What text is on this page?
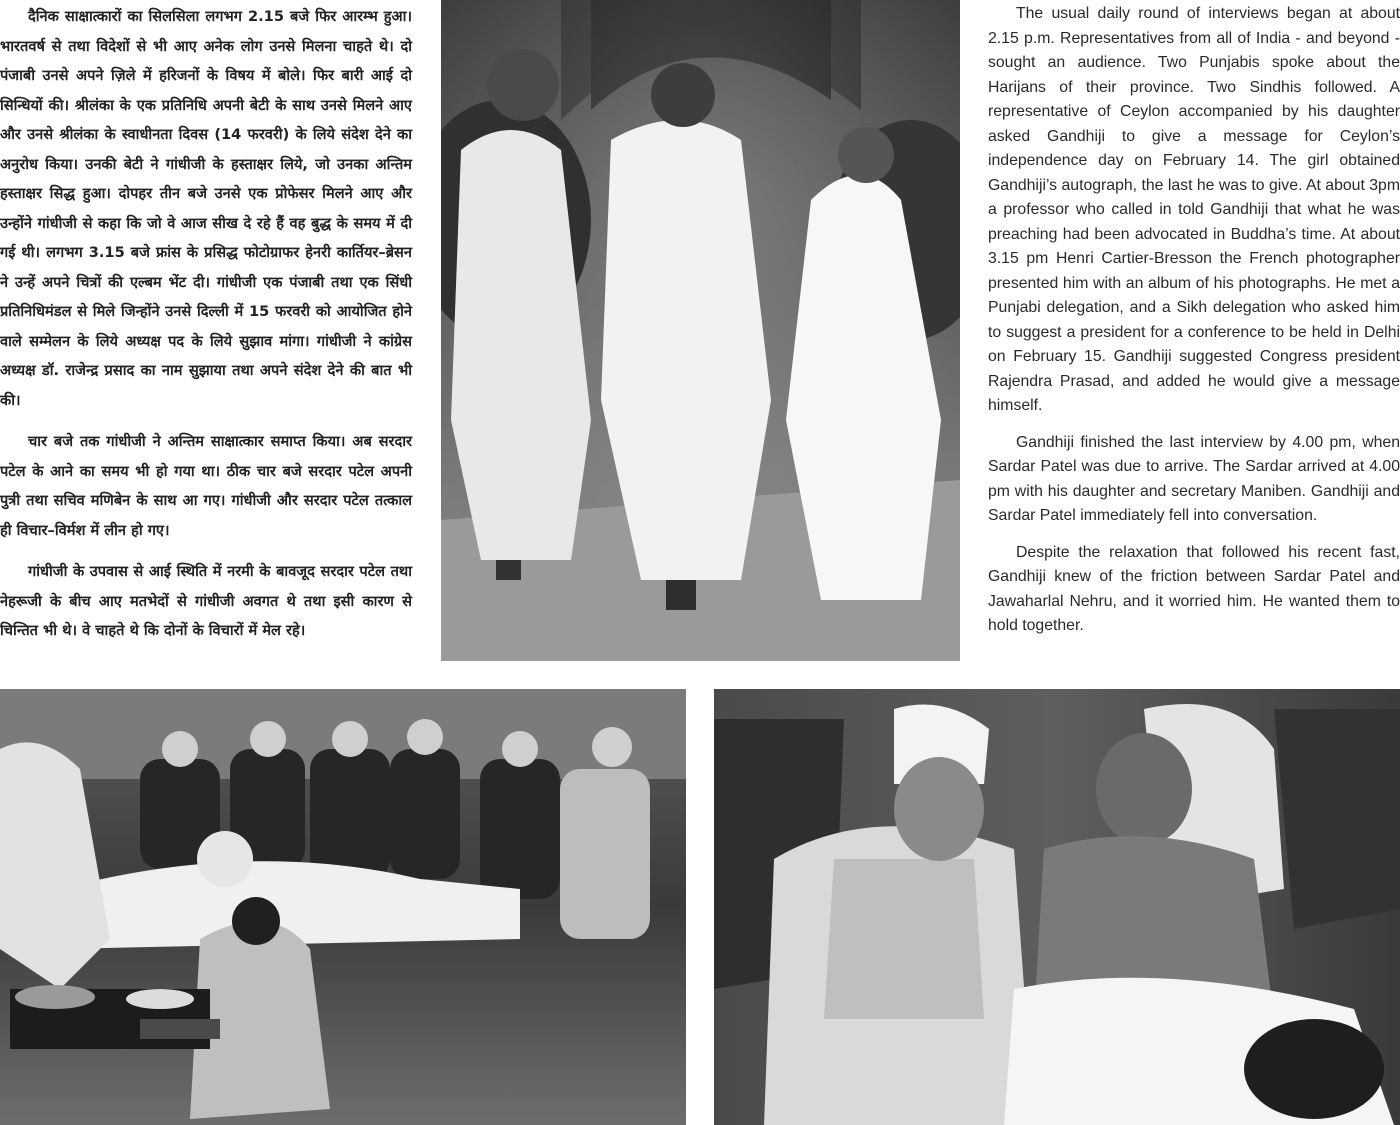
दैनिक साक्षात्कारों का सिलसिला लगभग 2.15 बजे फिर आरम्भ हुआ। भारतवर्ष से तथा विदेशों से भी आए अनेक लोग उनसे मिलना चाहते थे। दो पंजाबी उनसे अपने ज़िले में हरिजनों के विषय में बोले। फिर बारी आई दो सिन्धियों की। श्रीलंका के एक प्रतिनिधि अपनी बेटी के साथ उनसे मिलने आए और उनसे श्रीलंका के स्वाधीनता दिवस (14 फरवरी) के लिये संदेश देने का अनुरोध किया। उनकी बेटी ने गांधीजी के हस्ताक्षर लिये, जो उनका अन्तिम हस्ताक्षर सिद्ध हुआ। दोपहर तीन बजे उनसे एक प्रोफेसर मिलने आए और उन्होंने गांधीजी से कहा कि जो वे आज सीख दे रहे हैं वह बुद्ध के समय में दी गई थी। लगभग 3.15 बजे फ्रांस के प्रसिद्ध फोटोग्राफर हेनरी कार्तियर–ब्रेसन ने उन्हें अपने चित्रों की एल्बम भेंट दी। गांधीजी एक पंजाबी तथा एक सिंधी प्रतिनिधिमंडल से मिले जिन्होंने उनसे दिल्ली में 15 फरवरी को आयोजित होने वाले सम्मेलन के लिये अध्यक्ष पद के लिये सुझाव मांगा। गांधीजी ने कांग्रेस अध्यक्ष डॉ. राजेन्द्र प्रसाद का नाम सुझाया तथा अपने संदेश देने की बात भी की।

चार बजे तक गांधीजी ने अन्तिम साक्षात्कार समाप्त किया। अब सरदार पटेल के आने का समय भी हो गया था। ठीक चार बजे सरदार पटेल अपनी पुत्री तथा सचिव मणिबेन के साथ आ गए। गांधीजी और सरदार पटेल तत्काल ही विचार–विर्मश में लीन हो गए।

गांधीजी के उपवास से आई स्थिति में नरमी के बावजूद सरदार पटेल तथा नेहरूजी के बीच आए मतभेदों से गांधीजी अवगत थे तथा इसी कारण से चिन्तित भी थे। वे चाहते थे कि दोनों के विचारों में मेल रहे।

The usual daily round of interviews began at about 2.15 p.m. Representatives from all of India - and beyond - sought an audience. Two Punjabis spoke about the Harijans of their province. Two Sindhis followed. A representative of Ceylon accompanied by his daughter asked Gandhiji to give a message for Ceylon’s independence day on February 14. The girl obtained Gandhiji’s autograph, the last he was to give. At about 3pm a professor who called in told Gandhiji that what he was preaching had been advocated in Buddha’s time. At about 3.15 pm Henri Cartier-Bresson the French photographer presented him with an album of his photographs. He met a Punjabi delegation, and a Sikh delegation who asked him to suggest a president for a conference to be held in Delhi on February 15. Gandhiji suggested Congress president Rajendra Prasad, and added he would give a message himself.

Gandhiji finished the last interview by 4.00 pm, when Sardar Patel was due to arrive. The Sardar arrived at 4.00 pm with his daughter and secretary Maniben. Gandhiji and Sardar Patel immediately fell into conversation.

Despite the relaxation that followed his recent fast, Gandhiji knew of the friction between Sardar Patel and Jawaharlal Nehru, and it worried him. He wanted them to hold together.
